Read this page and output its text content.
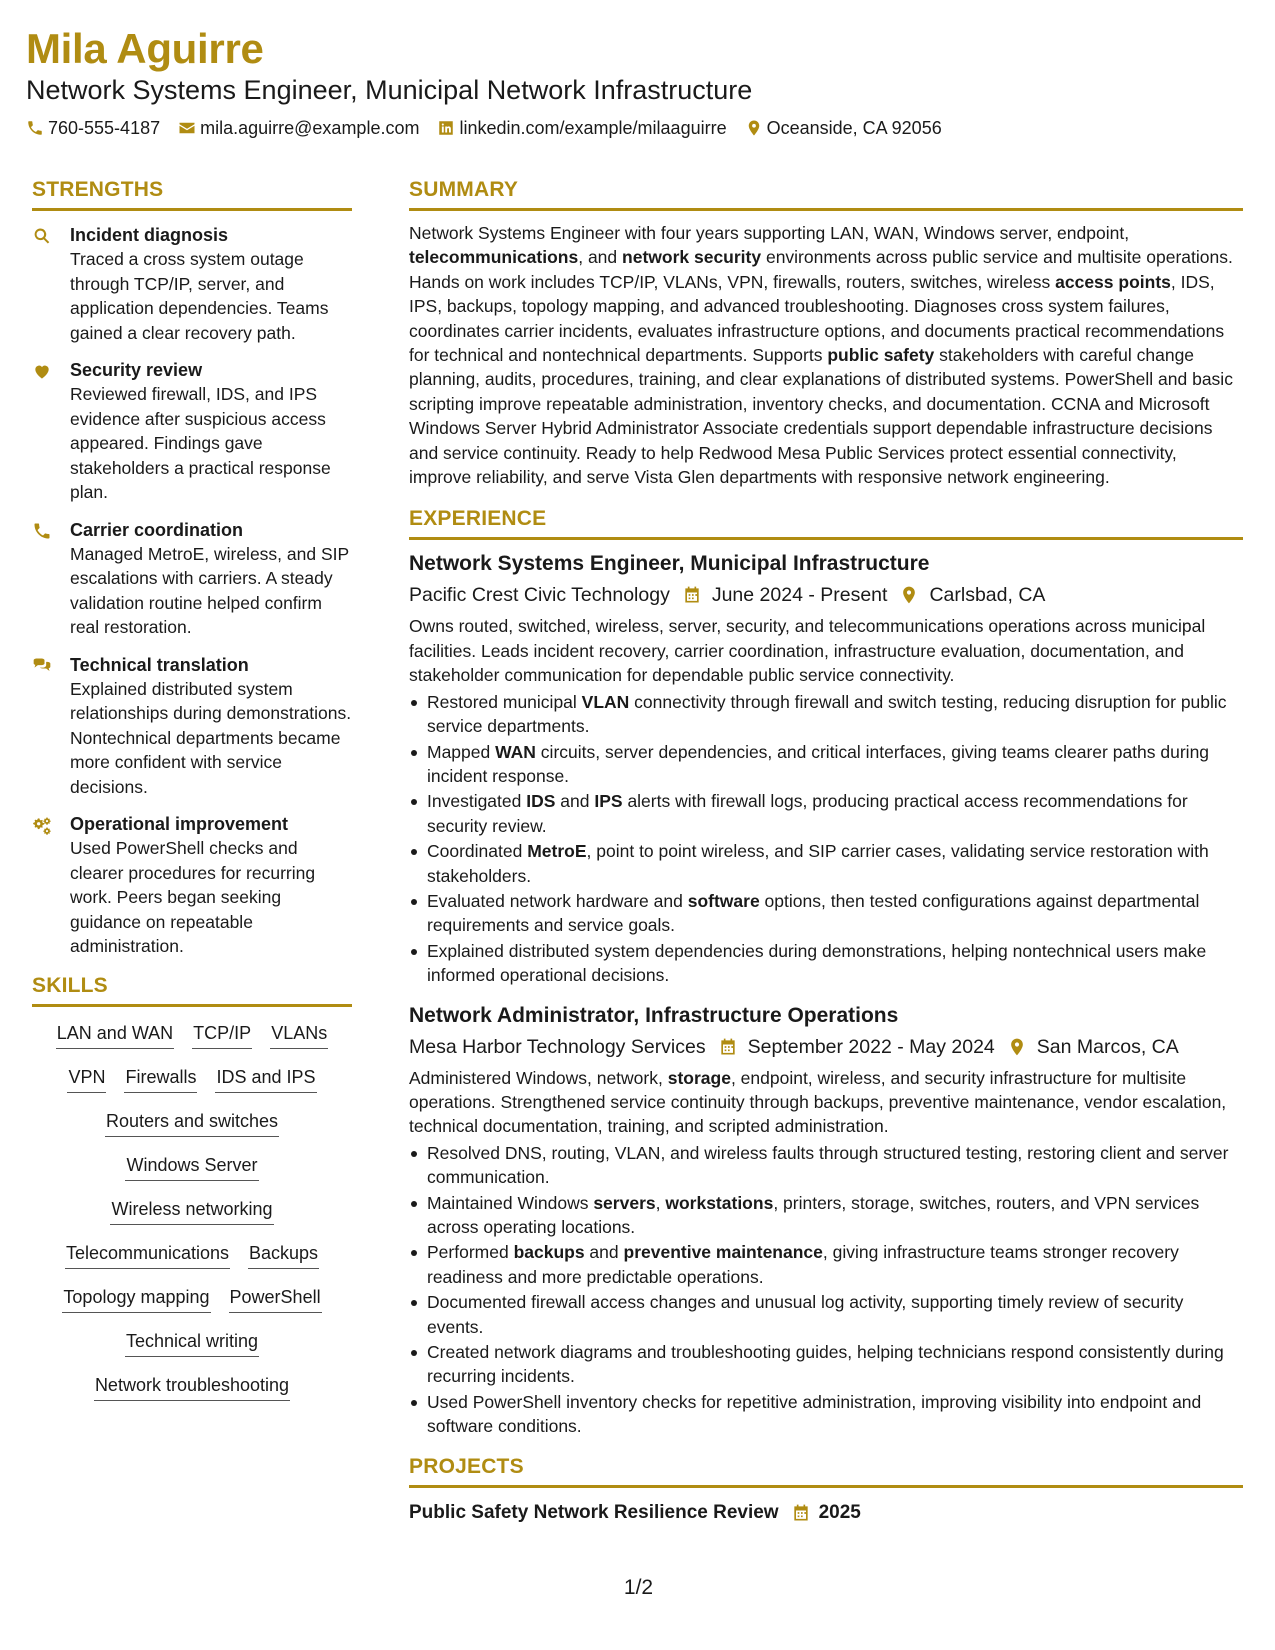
Mila Aguirre
Network Systems Engineer, Municipal Network Infrastructure
760-555-4187 mila.aguirre@example.com linkedin.com/example/milaaguirre Oceanside, CA 92056
STRENGTHS
Incident diagnosis
Traced a cross system outage through TCP/IP, server, and application dependencies. Teams gained a clear recovery path.
Security review
Reviewed firewall, IDS, and IPS evidence after suspicious access appeared. Findings gave stakeholders a practical response plan.
Carrier coordination
Managed MetroE, wireless, and SIP escalations with carriers. A steady validation routine helped confirm real restoration.
Technical translation
Explained distributed system relationships during demonstrations. Nontechnical departments became more confident with service decisions.
Operational improvement
Used PowerShell checks and clearer procedures for recurring work. Peers began seeking guidance on repeatable administration.
SKILLS
LAN and WAN TCP/IP VLANs
VPN Firewalls IDS and IPS
Routers and switches
Windows Server
Wireless networking
Telecommunications Backups
Topology mapping PowerShell
Technical writing
Network troubleshooting
SUMMARY
Network Systems Engineer with four years supporting LAN, WAN, Windows server, endpoint, telecommunications, and network security environments across public service and multisite operations. Hands on work includes TCP/IP, VLANs, VPN, firewalls, routers, switches, wireless access points, IDS, IPS, backups, topology mapping, and advanced troubleshooting. Diagnoses cross system failures, coordinates carrier incidents, evaluates infrastructure options, and documents practical recommendations for technical and nontechnical departments. Supports public safety stakeholders with careful change planning, audits, procedures, training, and clear explanations of distributed systems. PowerShell and basic scripting improve repeatable administration, inventory checks, and documentation. CCNA and Microsoft Windows Server Hybrid Administrator Associate credentials support dependable infrastructure decisions and service continuity. Ready to help Redwood Mesa Public Services protect essential connectivity, improve reliability, and serve Vista Glen departments with responsive network engineering.
EXPERIENCE
Network Systems Engineer, Municipal Infrastructure
Pacific Crest Civic Technology June 2024 - Present Carlsbad, CA
Owns routed, switched, wireless, server, security, and telecommunications operations across municipal facilities. Leads incident recovery, carrier coordination, infrastructure evaluation, documentation, and stakeholder communication for dependable public service connectivity.
Restored municipal VLAN connectivity through firewall and switch testing, reducing disruption for public service departments.
Mapped WAN circuits, server dependencies, and critical interfaces, giving teams clearer paths during incident response.
Investigated IDS and IPS alerts with firewall logs, producing practical access recommendations for security review.
Coordinated MetroE, point to point wireless, and SIP carrier cases, validating service restoration with stakeholders.
Evaluated network hardware and software options, then tested configurations against departmental requirements and service goals.
Explained distributed system dependencies during demonstrations, helping nontechnical users make informed operational decisions.
Network Administrator, Infrastructure Operations
Mesa Harbor Technology Services September 2022 - May 2024 San Marcos, CA
Administered Windows, network, storage, endpoint, wireless, and security infrastructure for multisite operations. Strengthened service continuity through backups, preventive maintenance, vendor escalation, technical documentation, training, and scripted administration.
Resolved DNS, routing, VLAN, and wireless faults through structured testing, restoring client and server communication.
Maintained Windows servers, workstations, printers, storage, switches, routers, and VPN services across operating locations.
Performed backups and preventive maintenance, giving infrastructure teams stronger recovery readiness and more predictable operations.
Documented firewall access changes and unusual log activity, supporting timely review of security events.
Created network diagrams and troubleshooting guides, helping technicians respond consistently during recurring incidents.
Used PowerShell inventory checks for repetitive administration, improving visibility into endpoint and software conditions.
PROJECTS
Public Safety Network Resilience Review 2025
1/2
